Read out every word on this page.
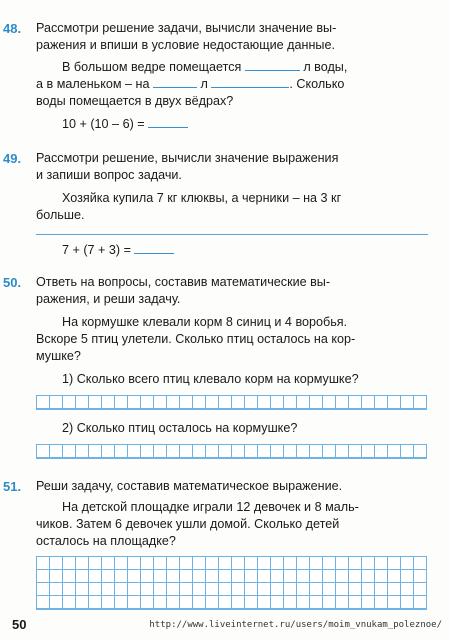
48. Рассмотри решение задачи, вычисли значение вы-

ражения и впиши в условие недостающие данные.

В большом ведре помещается	л воды,

а в маленьком – на	л	. Сколько

воды помещается в двух вёдрах?

10 + (10 – 6) =

49. Рассмотри решение, вычисли значение выражения

и запиши вопрос задачи.

Хозяйка купила 7 кг клюквы, а черники – на 3 кг

больше.

7 + (7 + 3) =

50. Ответь на вопросы, составив математические вы-

ражения, и реши задачу.

На кормушке клевали корм 8 синиц и 4 воробья.

Вскоре 5 птиц улетели. Сколько птиц осталось на кор-

мушке?

1) Сколько всего птиц клевало корм на кормушке?

2) Сколько птиц осталось на кормушке?

51. Реши задачу, составив математическое выражение.

На детской площадке играли 12 девочек и 8 маль-

чиков. Затем 6 девочек ушли домой. Сколько детей

осталось на площадке?

50	http://www.liveinternet.ru/users/moim_vnukam_poleznoe/
